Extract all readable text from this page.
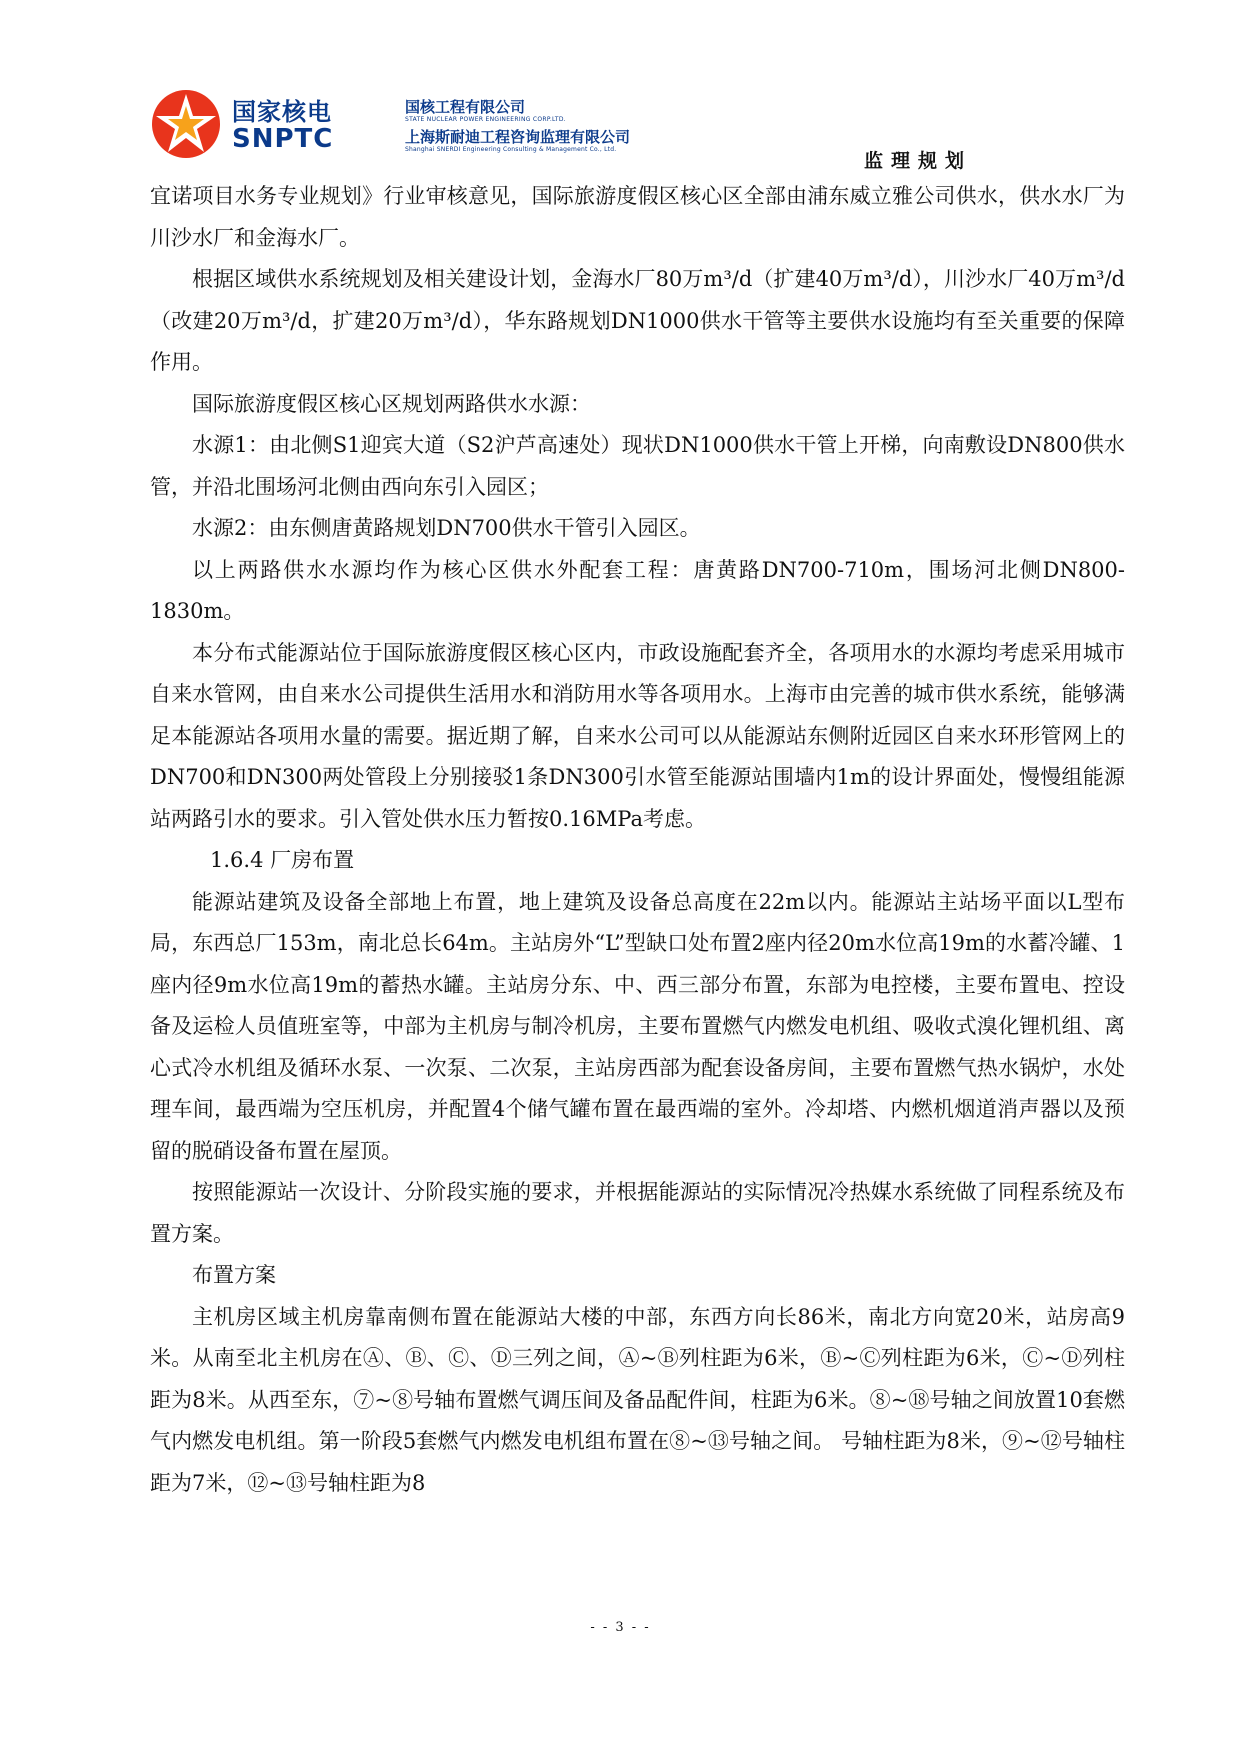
国家核电
SNPTC
国核工程有限公司
STATE NUCLEAR POWER ENGINEERING CORP.LTD.
上海斯耐迪工程咨询监理有限公司
Shanghai SNERDI Engineering Consulting & Management Co., Ltd.
监理规划

宜诺项目水务专业规划》行业审核意见，国际旅游度假区核心区全部由浦东威立雅公司供水，供水水厂为川沙水厂和金海水厂。

根据区域供水系统规划及相关建设计划，金海水厂80万m³/d（扩建40万m³/d），川沙水厂40万m³/d（改建20万m³/d，扩建20万m³/d），华东路规划DN1000供水干管等主要供水设施均有至关重要的保障作用。

国际旅游度假区核心区规划两路供水水源：

水源1：由北侧S1迎宾大道（S2沪芦高速处）现状DN1000供水干管上开梯，向南敷设DN800供水管，并沿北围场河北侧由西向东引入园区；

水源2：由东侧唐黄路规划DN700供水干管引入园区。

以上两路供水水源均作为核心区供水外配套工程：唐黄路DN700-710m，围场河北侧DN800-1830m。

本分布式能源站位于国际旅游度假区核心区内，市政设施配套齐全，各项用水的水源均考虑采用城市自来水管网，由自来水公司提供生活用水和消防用水等各项用水。上海市由完善的城市供水系统，能够满足本能源站各项用水量的需要。据近期了解，自来水公司可以从能源站东侧附近园区自来水环形管网上的DN700和DN300两处管段上分别接驳1条DN300引水管至能源站围墙内1m的设计界面处，慢慢组能源站两路引水的要求。引入管处供水压力暂按0.16MPa考虑。

1.6.4 厂房布置

能源站建筑及设备全部地上布置，地上建筑及设备总高度在22m以内。能源站主站场平面以L型布局，东西总厂153m，南北总长64m。主站房外“L”型缺口处布置2座内径20m水位高19m的水蓄冷罐、1座内径9m水位高19m的蓄热水罐。主站房分东、中、西三部分布置，东部为电控楼，主要布置电、控设备及运检人员值班室等，中部为主机房与制冷机房，主要布置燃气内燃发电机组、吸收式溴化锂机组、离心式冷水机组及循环水泵、一次泵、二次泵，主站房西部为配套设备房间，主要布置燃气热水锅炉，水处理车间，最西端为空压机房，并配置4个储气罐布置在最西端的室外。冷却塔、内燃机烟道消声器以及预留的脱硝设备布置在屋顶。

按照能源站一次设计、分阶段实施的要求，并根据能源站的实际情况冷热媒水系统做了同程系统及布置方案。

布置方案

主机房区域主机房靠南侧布置在能源站大楼的中部，东西方向长86米，南北方向宽20米，站房高9米。从南至北主机房在Ⓐ、Ⓑ、Ⓒ、Ⓓ三列之间，Ⓐ~Ⓑ列柱距为6米，Ⓑ~Ⓒ列柱距为6米，Ⓒ~Ⓓ列柱距为8米。从西至东，⑦~⑧号轴布置燃气调压间及备品配件间，柱距为6米。⑧~⑱号轴之间放置10套燃气内燃发电机组。第一阶段5套燃气内燃发电机组布置在⑧~⑬号轴之间。 号轴柱距为8米，⑨~⑫号轴柱距为7米，⑫~⑬号轴柱距为8

- - 3 - -
